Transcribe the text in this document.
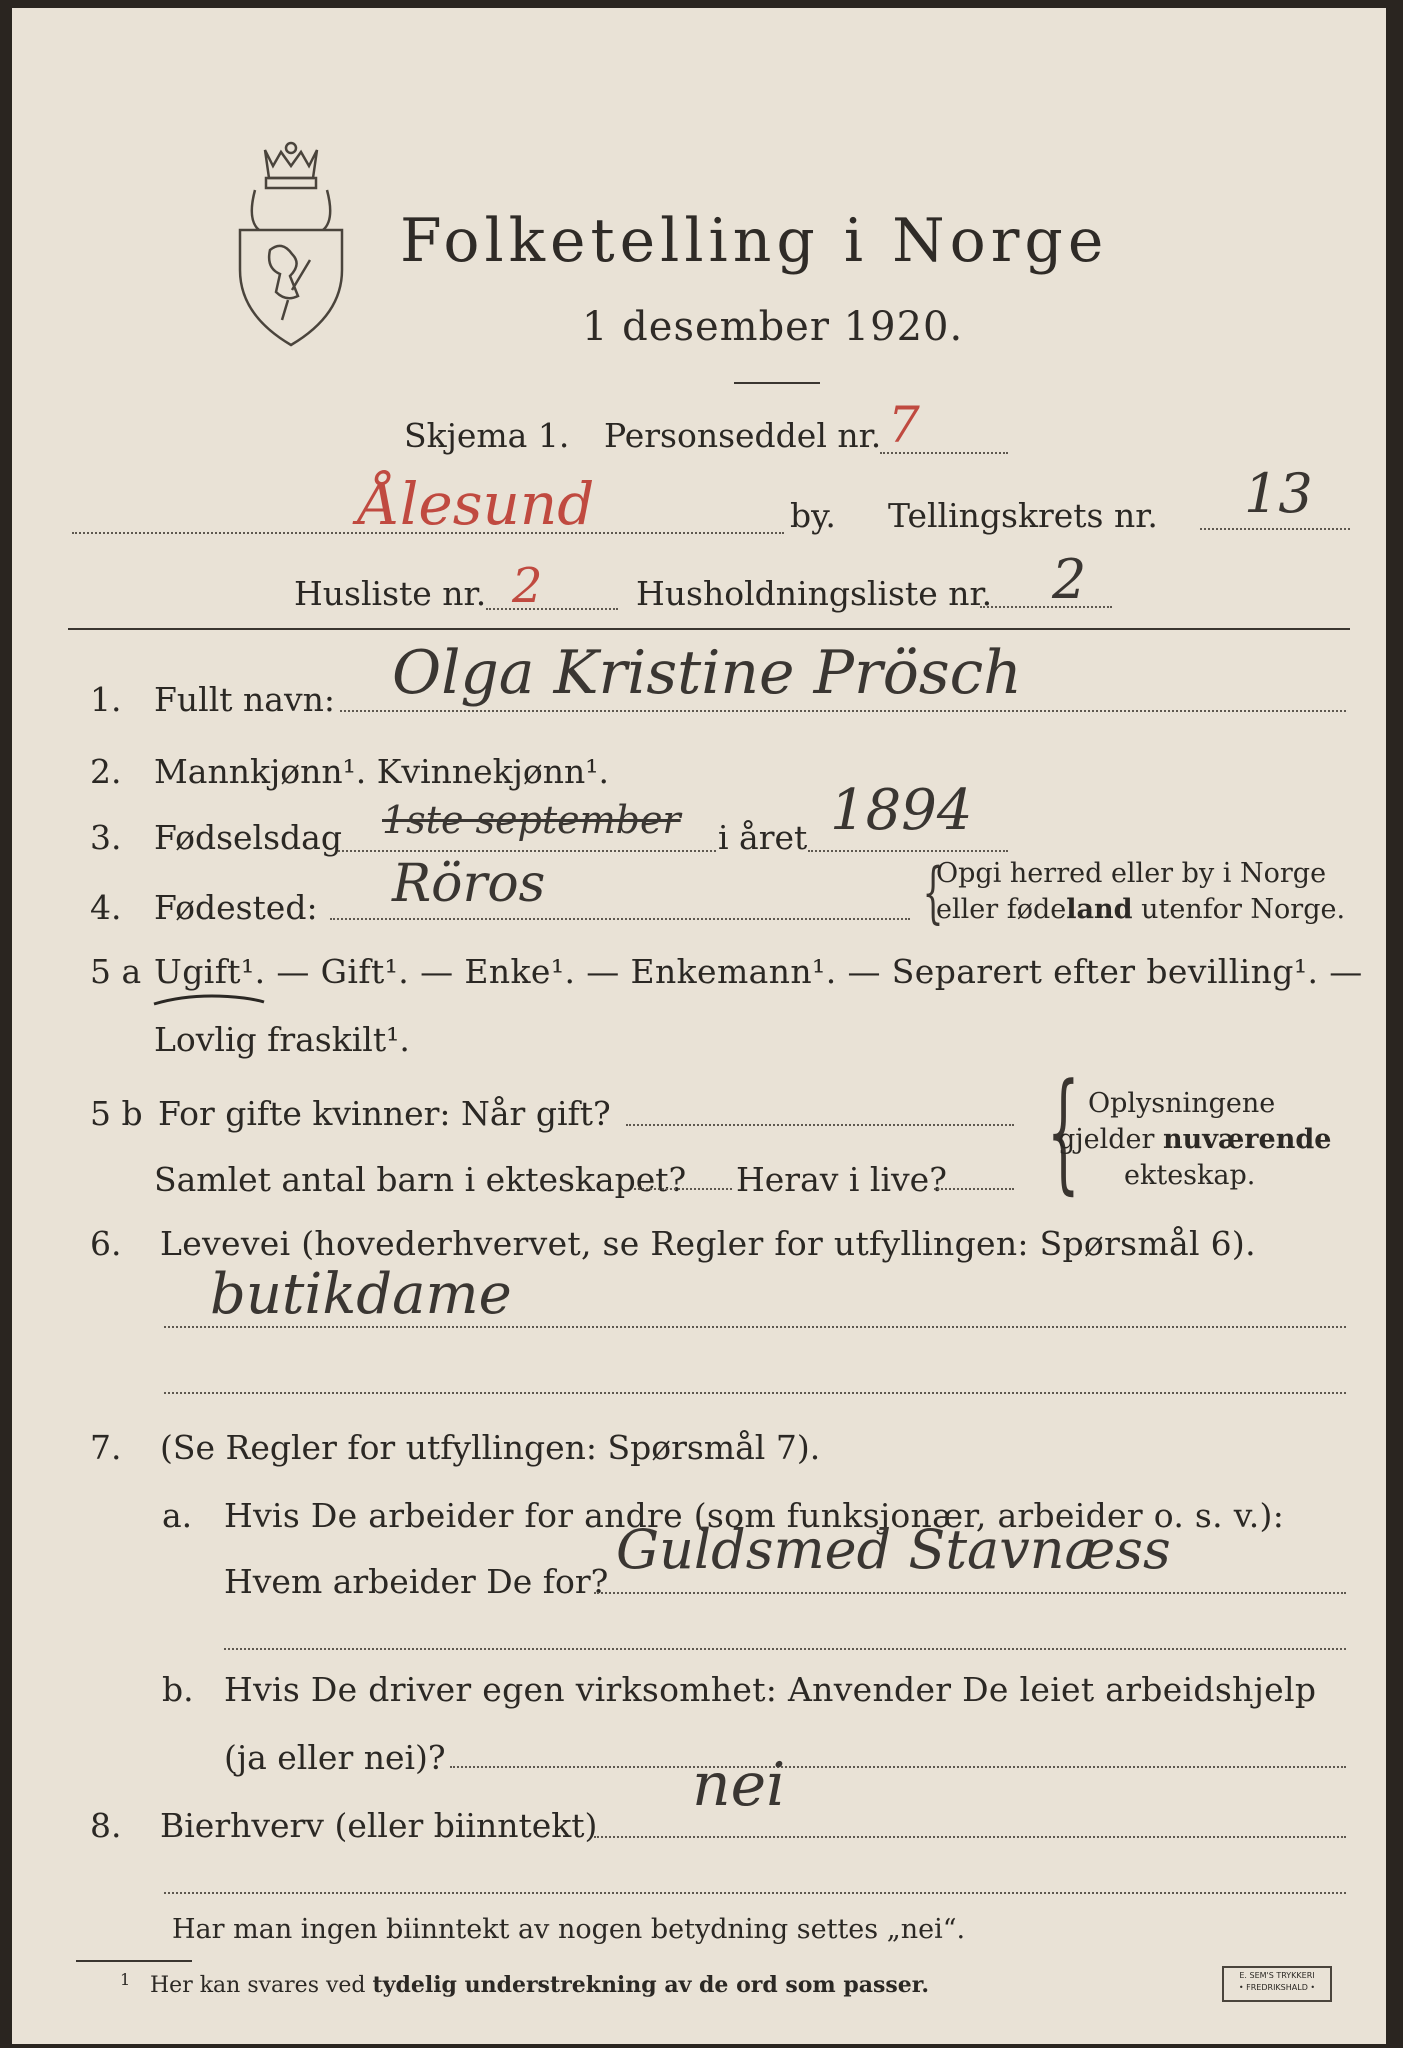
Folketelling i Norge
1 desember 1920.
Skjema 1. Personseddel nr. 7
Ålesund	by. Tellingskrets nr. 13
Husliste nr. 2	Husholdningsliste nr. 2
1. Fullt navn: Olga Kristine Prösch
2. Mannkjønn¹. Kvinnekjønn¹.
3. Fødselsdag 1ste september i året 1894
4. Fødested: Röros	{
Opgi herred eller by i Norge
eller fødeland utenfor Norge.
5 a Ugift¹. — Gift¹. — Enke¹. — Enkemann¹. — Separert efter bevilling¹. —
Lovlig fraskilt¹.
5 b For gifte kvinner: Når gift?
Samlet antal barn i ekteskapet? Herav i live? { Oplysningene
gjelder nuværende
ekteskap.
6. Levevei (hovederhvervet, se Regler for utfyllingen: Spørsmål 6).
butikdame
7. (Se Regler for utfyllingen: Spørsmål 7).
a. Hvis De arbeider for andre (som funksjonær, arbeider o. s. v.):
Hvem arbeider De for?
Guldsmed Stavnæss
b. Hvis De driver egen virksomhet: Anvender De leiet arbeidshjelp
(ja eller nei)?
8. Bierhverv (eller biinntekt)
nei
Har man ingen biinntekt av nogen betydning settes „nei“.
1 Her kan svares ved tydelig understrekning av de ord som passer.	E. SEM'S TRYKKERI
• FREDRIKSHALD •
